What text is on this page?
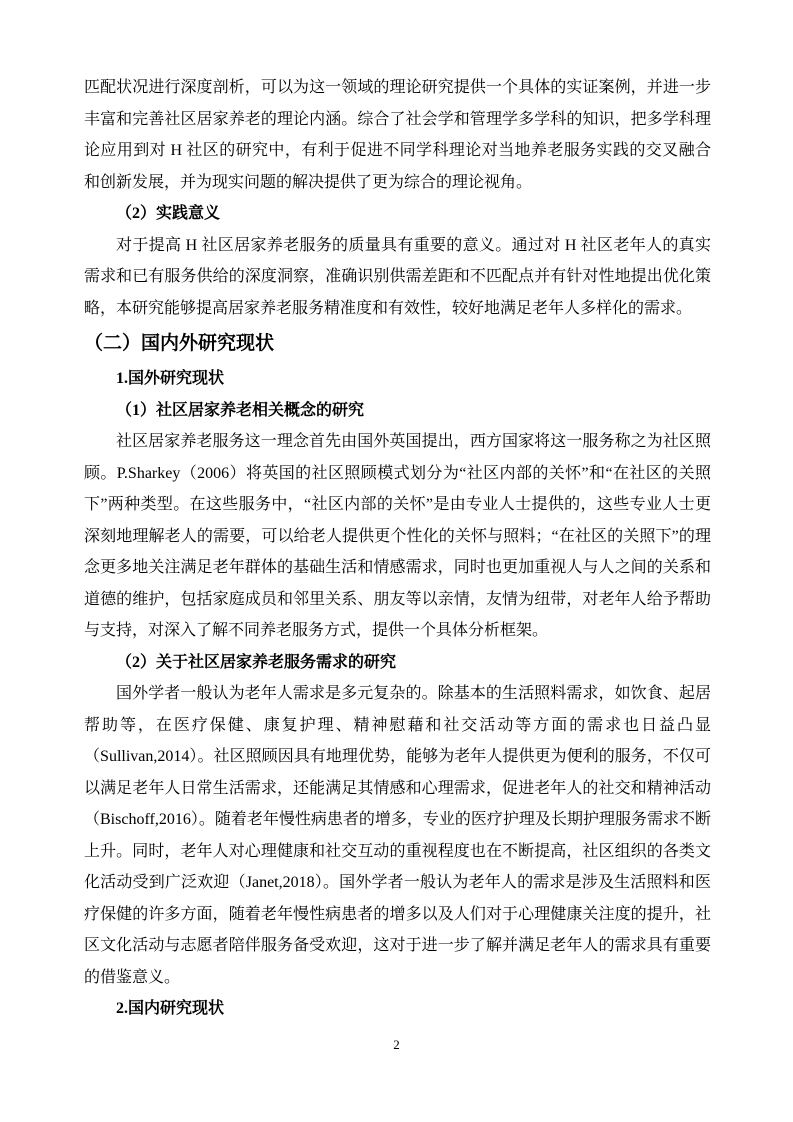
匹配状况进行深度剖析，可以为这一领域的理论研究提供一个具体的实证案例，并进一步丰富和完善社区居家养老的理论内涵。综合了社会学和管理学多学科的知识，把多学科理论应用到对 H 社区的研究中，有利于促进不同学科理论对当地养老服务实践的交叉融合和创新发展，并为现实问题的解决提供了更为综合的理论视角。

（2）实践意义

对于提高 H 社区居家养老服务的质量具有重要的意义。通过对 H 社区老年人的真实需求和已有服务供给的深度洞察，准确识别供需差距和不匹配点并有针对性地提出优化策略，本研究能够提高居家养老服务精准度和有效性，较好地满足老年人多样化的需求。

（二）国内外研究现状
1.国外研究现状
（1）社区居家养老相关概念的研究

社区居家养老服务这一理念首先由国外英国提出，西方国家将这一服务称之为社区照顾。P.Sharkey（2006）将英国的社区照顾模式划分为“社区内部的关怀”和“在社区的关照下”两种类型。在这些服务中，“社区内部的关怀”是由专业人士提供的，这些专业人士更深刻地理解老人的需要，可以给老人提供更个性化的关怀与照料；“在社区的关照下”的理念更多地关注满足老年群体的基础生活和情感需求，同时也更加重视人与人之间的关系和道德的维护，包括家庭成员和邻里关系、朋友等以亲情，友情为纽带，对老年人给予帮助与支持，对深入了解不同养老服务方式，提供一个具体分析框架。

（2）关于社区居家养老服务需求的研究

国外学者一般认为老年人需求是多元复杂的。除基本的生活照料需求，如饮食、起居帮助等，在医疗保健、康复护理、精神慰藉和社交活动等方面的需求也日益凸显（Sullivan,2014）。社区照顾因具有地理优势，能够为老年人提供更为便利的服务，不仅可以满足老年人日常生活需求，还能满足其情感和心理需求，促进老年人的社交和精神活动（Bischoff,2016）。随着老年慢性病患者的增多，专业的医疗护理及长期护理服务需求不断上升。同时，老年人对心理健康和社交互动的重视程度也在不断提高，社区组织的各类文化活动受到广泛欢迎（Janet,2018）。国外学者一般认为老年人的需求是涉及生活照料和医疗保健的许多方面，随着老年慢性病患者的增多以及人们对于心理健康关注度的提升，社区文化活动与志愿者陪伴服务备受欢迎，这对于进一步了解并满足老年人的需求具有重要的借鉴意义。

2.国内研究现状
2
